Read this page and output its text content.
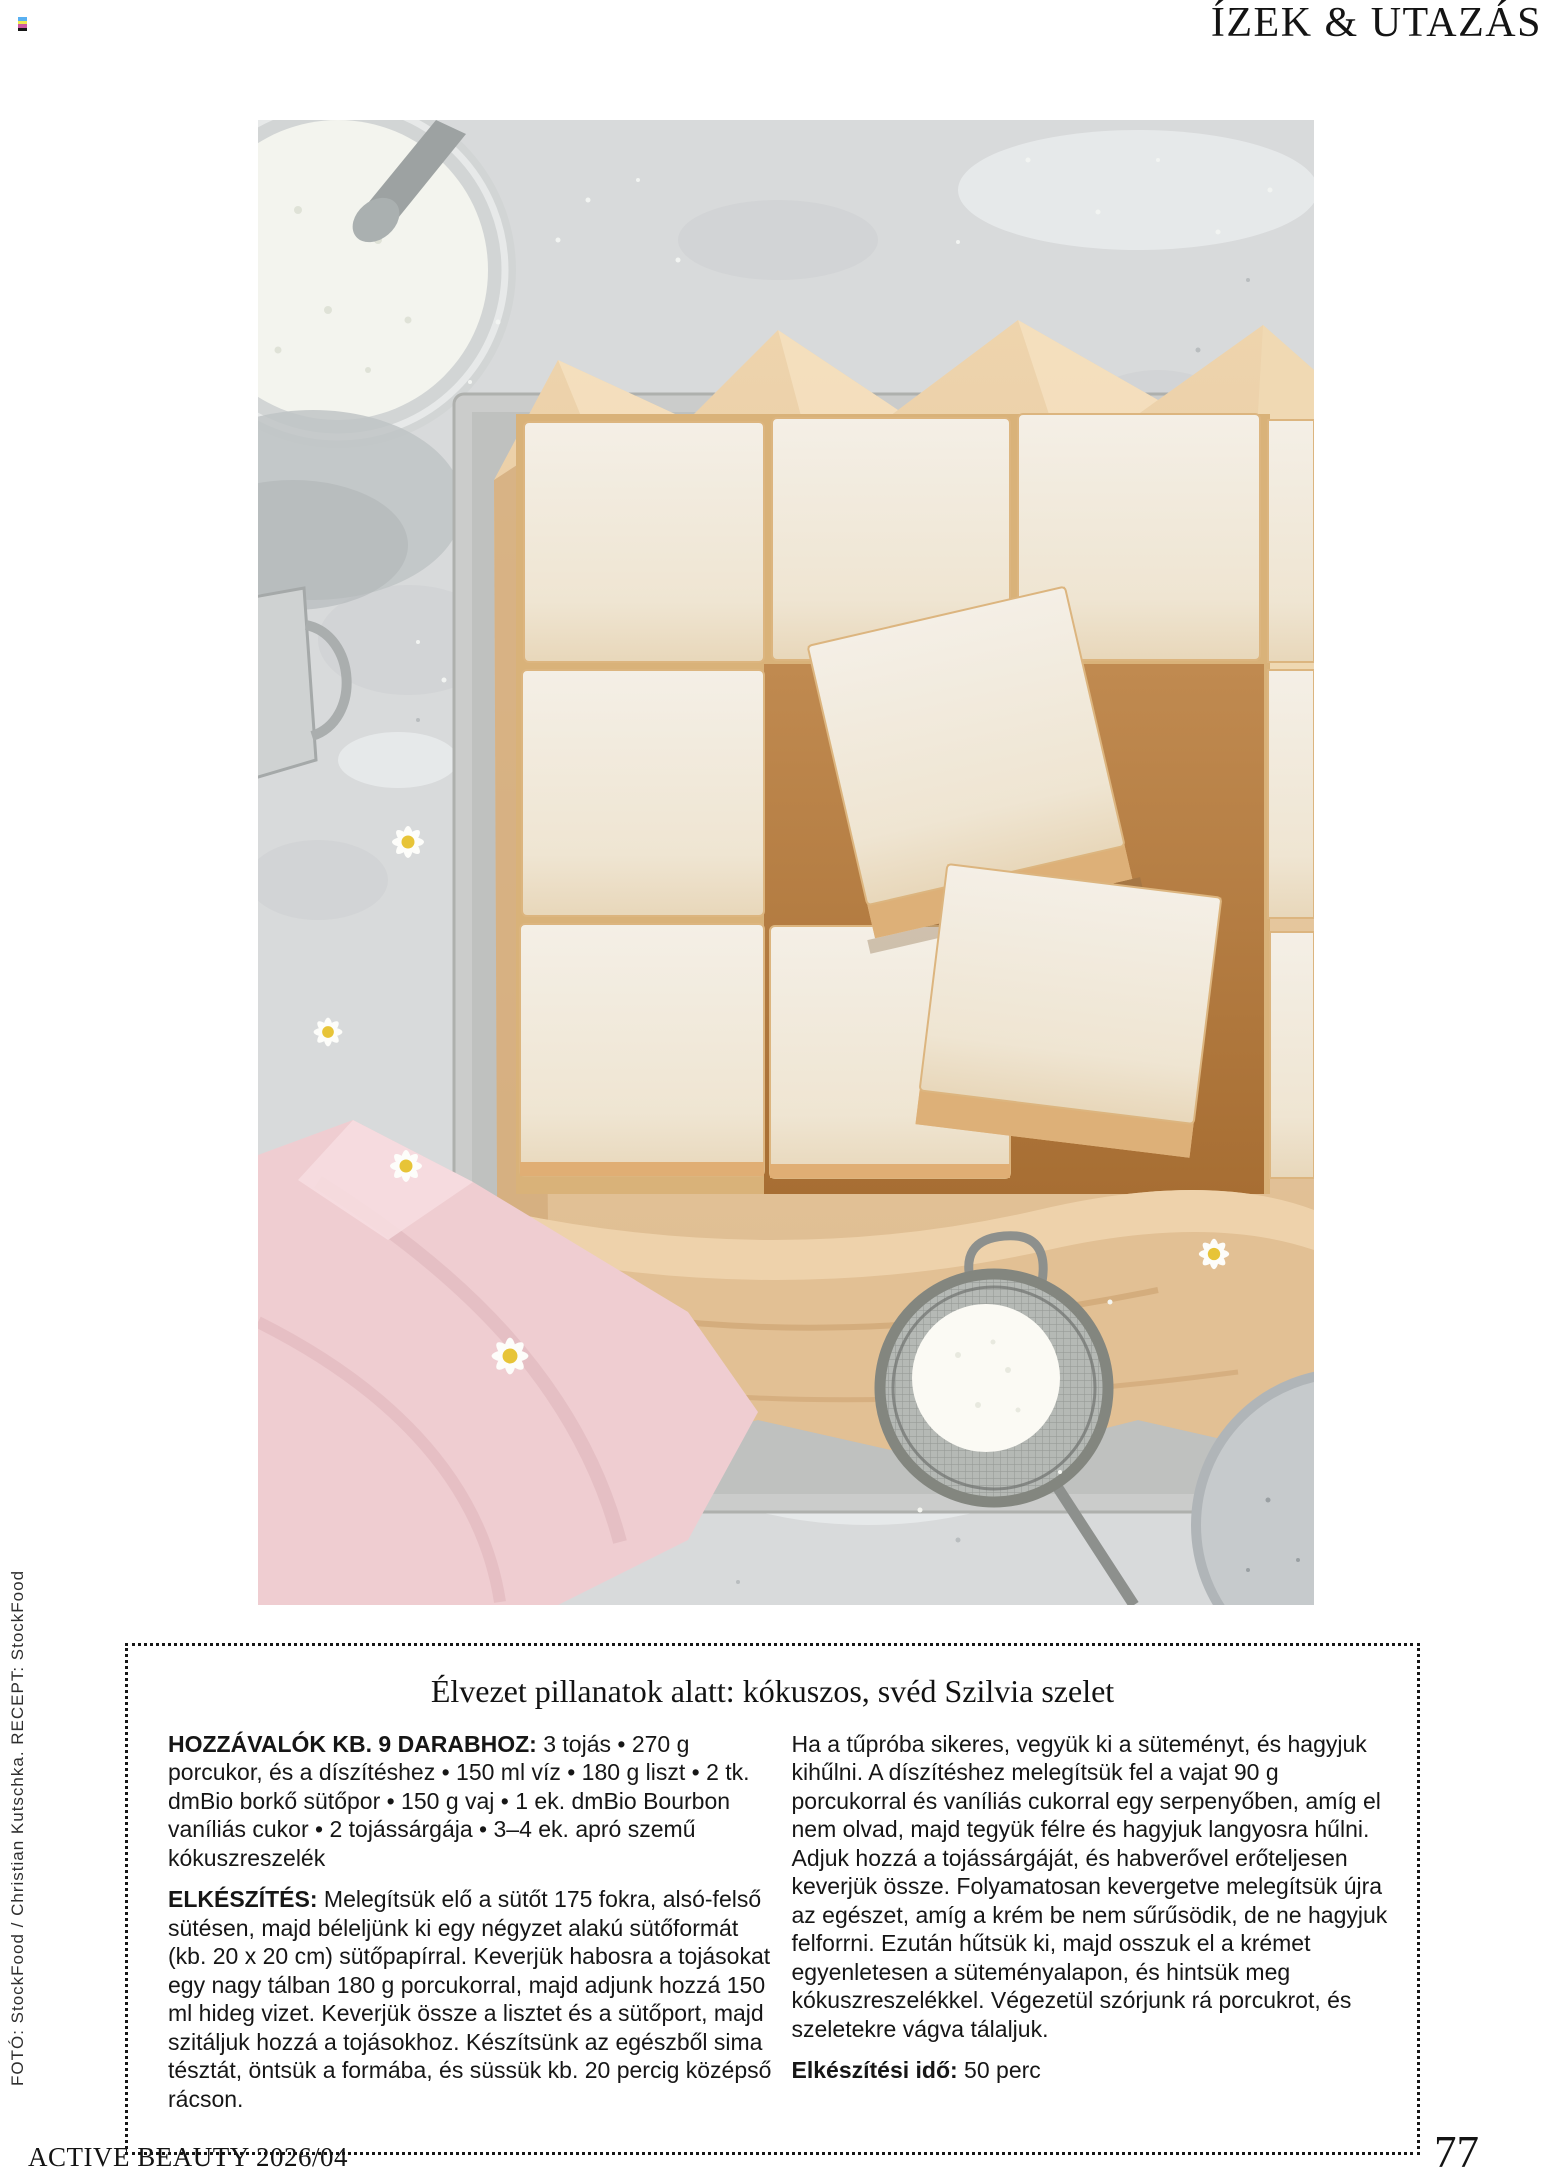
ÍZEK & UTAZÁS
FOTÓ: StockFood / Christian Kutschka. RECEPT: StockFood	Élvezet pillanatok alatt: kókuszos, svéd Szilvia szelet

HOZZÁVALÓK KB. 9 DARABHOZ: 3 tojás • 270 g porcukor, és a díszítéshez • 150 ml víz • 180 g liszt • 2 tk. dmBio borkő sütőpor • 150 g vaj • 1 ek. dmBio Bourbon vaníliás cukor • 2 tojássárgája • 3–4 ek. apró szemű kókuszreszelék

ELKÉSZÍTÉS: Melegítsük elő a sütőt 175 fokra, alsó-felső sütésen, majd béleljünk ki egy négyzet alakú sütőformát (kb. 20 x 20 cm) sütőpapírral. Keverjük habosra a tojásokat egy nagy tálban 180 g porcukorral, majd adjunk hozzá 150 ml hideg vizet. Keverjük össze a lisztet és a sütőport, majd szitáljuk hozzá a tojásokhoz. Készítsünk az egészből sima tésztát, öntsük a formába, és süssük kb. 20 percig középső rácson.

Ha a tűpróba sikeres, vegyük ki a süteményt, és hagyjuk kihűlni. A díszítéshez melegítsük fel a vajat 90 g porcukorral és vaníliás cukorral egy serpenyőben, amíg el nem olvad, majd tegyük félre és hagyjuk langyosra hűlni. Adjuk hozzá a tojássárgáját, és habverővel erőteljesen keverjük össze. Folyamatosan kevergetve melegítsük újra az egészet, amíg a krém be nem sűrűsödik, de ne hagyjuk felforrni. Ezután hűtsük ki, majd osszuk el a krémet egyenletesen a süteményalapon, és hintsük meg kókuszreszelékkel. Végezetül szórjunk rá porcukrot, és szeletekre vágva tálaljuk.

Elkészítési idő: 50 perc

ACTIVE BEAUTY 2026/04	77
